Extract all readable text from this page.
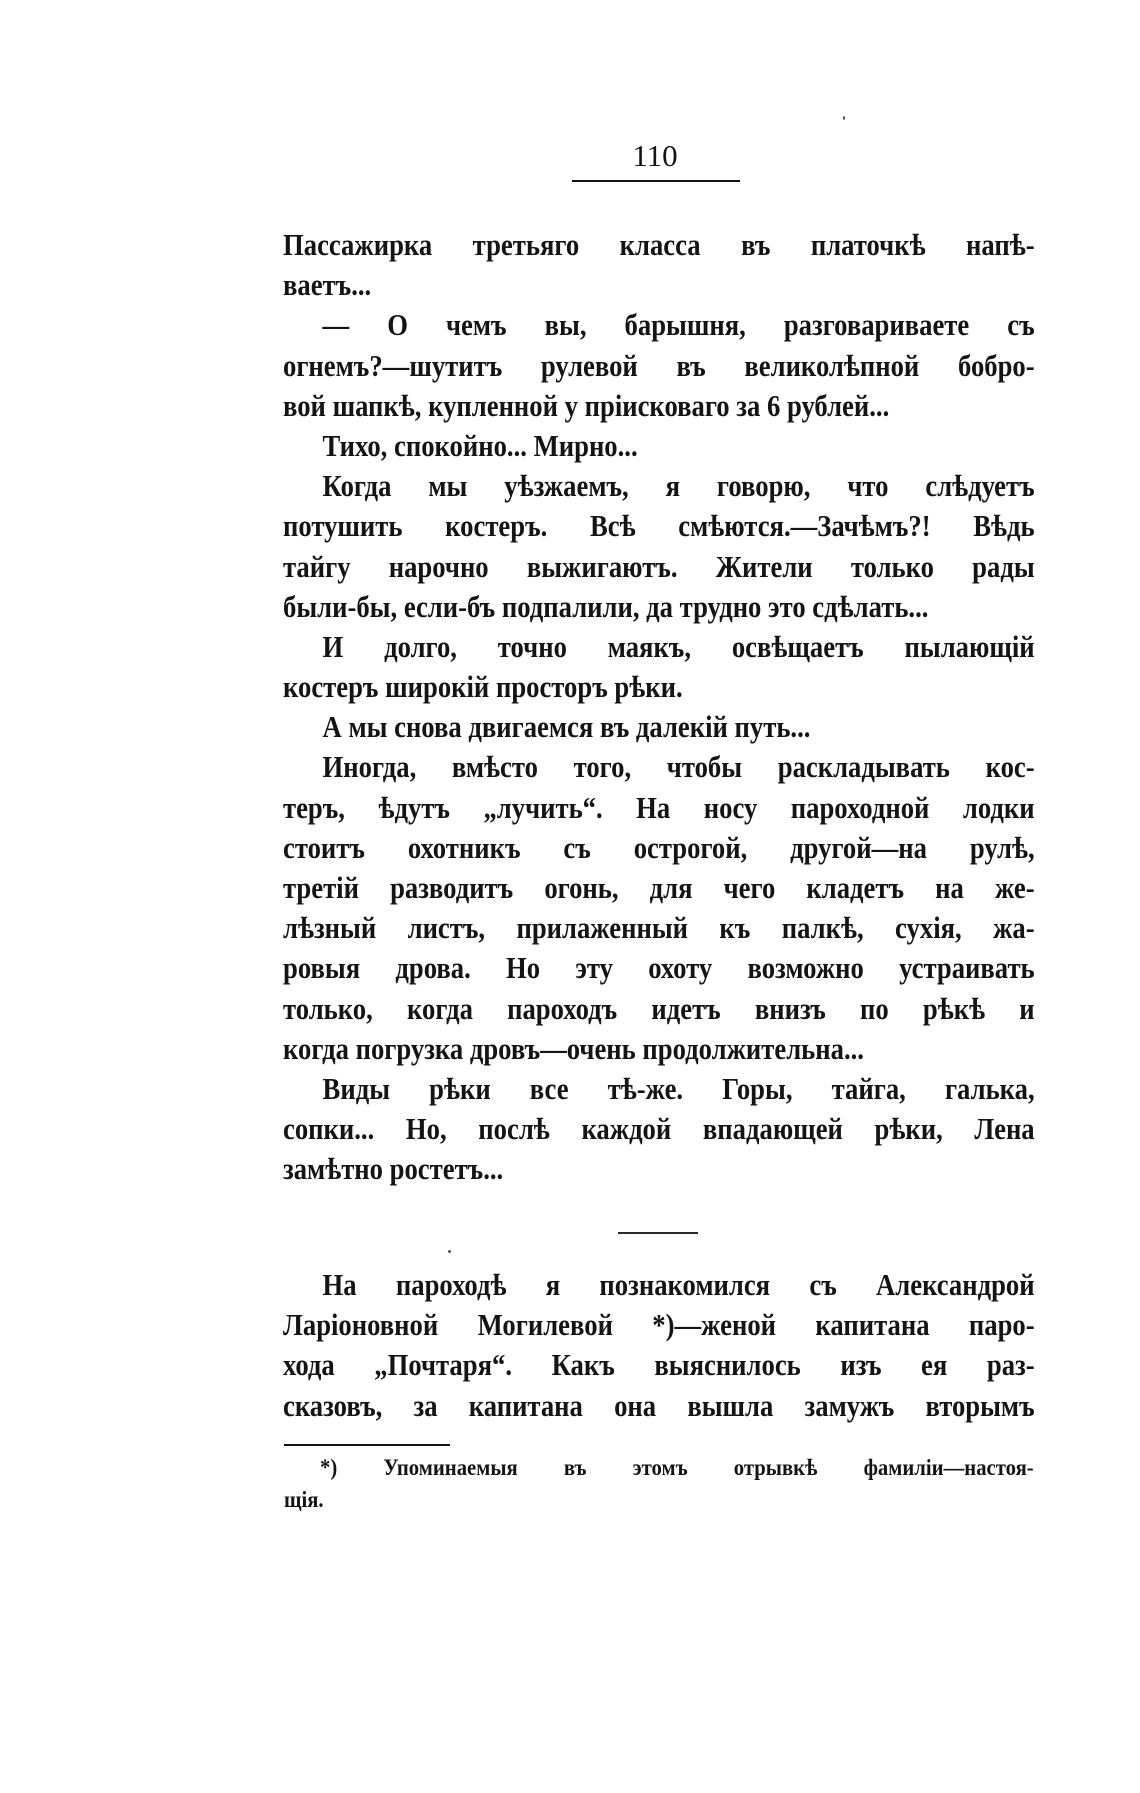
110
Пассажирка третьяго класса въ платочкѣ напѣ-
ваетъ...
— О чемъ вы, барышня, разговариваете съ
огнемъ?—шутитъ рулевой въ великолѣпной бобро-
вой шапкѣ, купленной у пріисковаго за 6 рублей...
Тихо, спокойно... Мирно...
Когда мы уѣзжаемъ, я говорю, что слѣдуетъ
потушить костеръ. Всѣ смѣются.—Зачѣмъ?! Вѣдь
тайгу нарочно выжигаютъ. Жители только рады
были-бы, если-бъ подпалили, да трудно это сдѣлать...
И долго, точно маякъ, освѣщаетъ пылающій
костеръ широкій просторъ рѣки.
А мы снова двигаемся въ далекій путь...
Иногда, вмѣсто того, чтобы раскладывать кос-
теръ, ѣдутъ „лучить“. На носу пароходной лодки
стоитъ охотникъ съ острогой, другой—на рулѣ,
третій разводитъ огонь, для чего кладетъ на же-
лѣзный листъ, прилаженный къ палкѣ, сухія, жа-
ровыя дрова. Но эту охоту возможно устраивать
только, когда пароходъ идетъ внизъ по рѣкѣ и
когда погрузка дровъ—очень продолжительна...
Виды рѣки все тѣ-же. Горы, тайга, галька,
сопки... Но, послѣ каждой впадающей рѣки, Лена
замѣтно ростетъ...
На пароходѣ я познакомился съ Александрой
Ларіоновной Могилевой *)—женой капитана паро-
хода „Почтаря“. Какъ выяснилось изъ ея раз-
сказовъ, за капитана она вышла замужъ вторымъ
*) Упоминаемыя въ этомъ отрывкѣ фамиліи—настоя-
щія.
